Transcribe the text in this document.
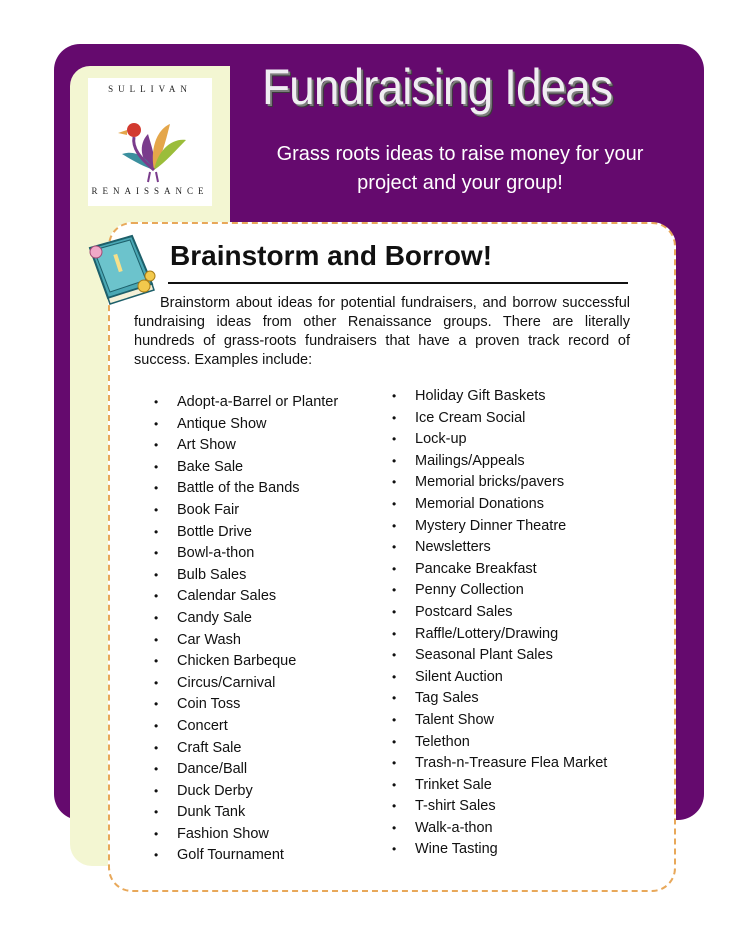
SULLIVAN
RENAISSANCE
Fundraising Ideas
Grass roots ideas to raise money for your
project and your group!
Brainstorm and Borrow!
Brainstorm about ideas for potential fundraisers, and borrow successful fundraising ideas from other Renaissance groups. There are literally hundreds of grass-roots fundraisers that have a proven track record of success. Examples include:
• Adopt-a-Barrel or Planter
• Antique Show
• Art Show
• Bake Sale
• Battle of the Bands
• Book Fair
• Bottle Drive
• Bowl-a-thon
• Bulb Sales
• Calendar Sales
• Candy Sale
• Car Wash
• Chicken Barbeque
• Circus/Carnival
• Coin Toss
• Concert
• Craft Sale
• Dance/Ball
• Duck Derby
• Dunk Tank
• Fashion Show
• Golf Tournament
• Holiday Gift Baskets
• Ice Cream Social
• Lock-up
• Mailings/Appeals
• Memorial bricks/pavers
• Memorial Donations
• Mystery Dinner Theatre
• Newsletters
• Pancake Breakfast
• Penny Collection
• Postcard Sales
• Raffle/Lottery/Drawing
• Seasonal Plant Sales
• Silent Auction
• Tag Sales
• Talent Show
• Telethon
• Trash-n-Treasure Flea Market
• Trinket Sale
• T-shirt Sales
• Walk-a-thon
• Wine Tasting
